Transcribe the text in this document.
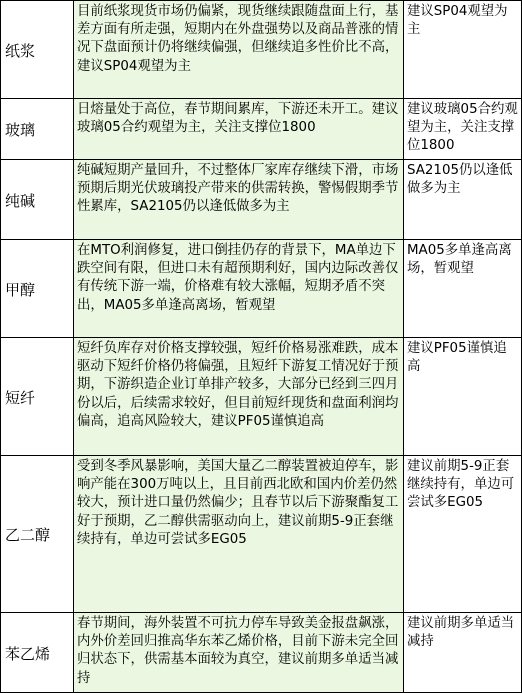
纸浆	目前纸浆现货市场仍偏紧，现货继续跟随盘面上行，基差方面有所走强，短期内在外盘强势以及商品普涨的情况下盘面预计仍将继续偏强，但继续追多性价比不高，建议SP04观望为主	建议SP04观望为主

玻璃	日熔量处于高位，春节期间累库，下游还未开工。建议玻璃05合约观望为主，关注支撑位1800	建议玻璃05合约观望为主，关注支撑位1800

纯碱	纯碱短期产量回升，不过整体厂家库存继续下滑，市场预期后期光伏玻璃投产带来的供需转换，警惕假期季节性累库，SA2105仍以逢低做多为主	SA2105仍以逢低做多为主

甲醇	在MTO利润修复，进口倒挂仍存的背景下，MA单边下跌空间有限，但进口未有超预期利好，国内边际改善仅有传统下游一端，价格难有较大涨幅，短期矛盾不突出，MA05多单逢高离场，暂观望	MA05多单逢高离场，暂观望

短纤	短纤负库存对价格支撑较强，短纤价格易涨难跌，成本驱动下短纤价格仍将偏强，且短纤下游复工情况好于预期，下游织造企业订单排产较多，大部分已经到三四月份以后，后续需求较好，但目前短纤现货和盘面利润均偏高，追高风险较大，建议PF05谨慎追高	建议PF05谨慎追高

乙二醇	受到冬季风暴影响，美国大量乙二醇装置被迫停车，影响产能在300万吨以上，且目前西北欧和国内价差仍然较大，预计进口量仍然偏少；且春节以后下游聚酯复工好于预期，乙二醇供需驱动向上，建议前期5-9正套继续持有，单边可尝试多EG05	建议前期5-9正套继续持有，单边可尝试多EG05

苯乙烯	春节期间，海外装置不可抗力停车导致美金报盘飙涨，内外价差回归推高华东苯乙烯价格，目前下游未完全回归状态下，供需基本面较为真空，建议前期多单适当减持	建议前期多单适当减持
